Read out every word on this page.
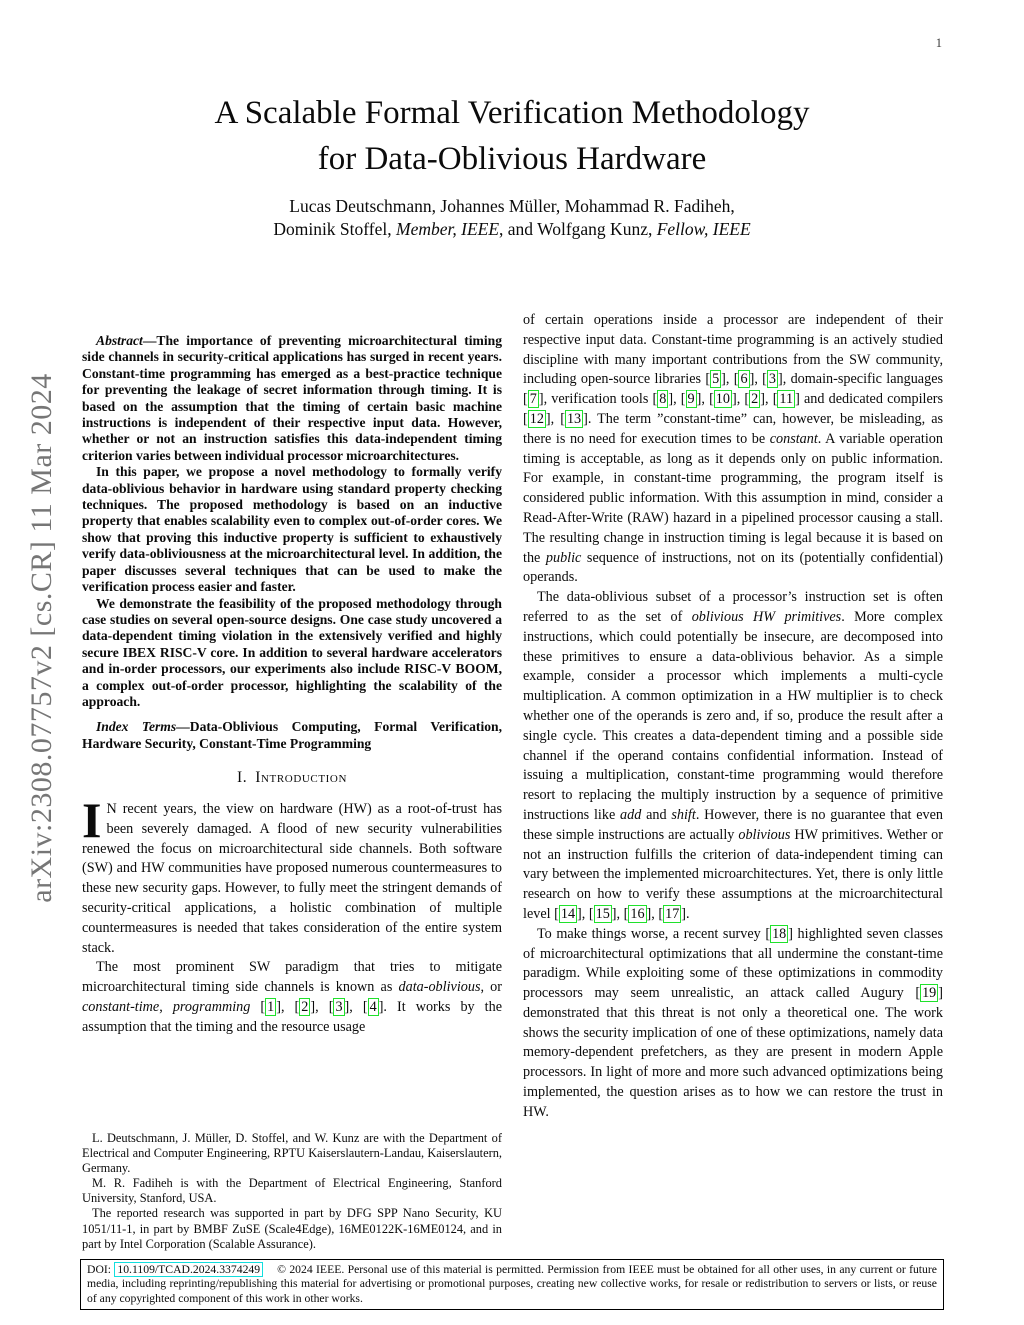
1
arXiv:2308.07757v2 [cs.CR] 11 Mar 2024
A Scalable Formal Verification Methodology
for Data-Oblivious Hardware
Lucas Deutschmann, Johannes Müller, Mohammad R. Fadiheh,
Dominik Stoffel, Member, IEEE, and Wolfgang Kunz, Fellow, IEEE

Abstract—The importance of preventing microarchitectural timing side channels in security-critical applications has surged in recent years. Constant-time programming has emerged as a best-practice technique for preventing the leakage of secret information through timing. It is based on the assumption that the timing of certain basic machine instructions is independent of their respective input data. However, whether or not an instruction satisfies this data-independent timing criterion varies between individual processor microarchitectures.

In this paper, we propose a novel methodology to formally verify data-oblivious behavior in hardware using standard property checking techniques. The proposed methodology is based on an inductive property that enables scalability even to complex out-of-order cores. We show that proving this inductive property is sufficient to exhaustively verify data-obliviousness at the microarchitectural level. In addition, the paper discusses several techniques that can be used to make the verification process easier and faster.

We demonstrate the feasibility of the proposed methodology through case studies on several open-source designs. One case study uncovered a data-dependent timing violation in the extensively verified and highly secure IBEX RISC-V core. In addition to several hardware accelerators and in-order processors, our experiments also include RISC-V BOOM, a complex out-of-order processor, highlighting the scalability of the approach.

Index Terms—Data-Oblivious Computing, Formal Verification, Hardware Security, Constant-Time Programming

I. Introduction

I N recent years, the view on hardware (HW) as a root-of-trust has been severely damaged. A flood of new security vulnerabilities renewed the focus on microarchitectural side channels. Both software (SW) and HW communities have proposed numerous countermeasures to these new security gaps. However, to fully meet the stringent demands of security-critical applications, a holistic combination of multiple countermeasures is needed that takes consideration of the entire system stack.

The most prominent SW paradigm that tries to mitigate microarchitectural timing side channels is known as data-oblivious, or constant-time, programming [ 1 ], [ 2 ], [ 3 ], [ 4 ]. It works by the assumption that the timing and the resource usage

of certain operations inside a processor are independent of their respective input data. Constant-time programming is an actively studied discipline with many important contributions from the SW community, including open-source libraries [ 5 ], [ 6 ], [ 3 ], domain-specific languages [ 7 ], verification tools [ 8 ], [ 9 ], [ 10 ], [ 2 ], [ 11 ] and dedicated compilers [ 12 ], [ 13 ]. The term ”constant-time” can, however, be misleading, as there is no need for execution times to be constant. A variable operation timing is acceptable, as long as it depends only on public information. For example, in constant-time programming, the program itself is considered public information. With this assumption in mind, consider a Read-After-Write (RAW) hazard in a pipelined processor causing a stall. The resulting change in instruction timing is legal because it is based on the public sequence of instructions, not on its (potentially confidential) operands.

The data-oblivious subset of a processor’s instruction set is often referred to as the set of oblivious HW primitives. More complex instructions, which could potentially be insecure, are decomposed into these primitives to ensure a data-oblivious behavior. As a simple example, consider a processor which implements a multi-cycle multiplication. A common optimization in a HW multiplier is to check whether one of the operands is zero and, if so, produce the result after a single cycle. This creates a data-dependent timing and a possible side channel if the operand contains confidential information. Instead of issuing a multiplication, constant-time programming would therefore resort to replacing the multiply instruction by a sequence of primitive instructions like add and shift. However, there is no guarantee that even these simple instructions are actually oblivious HW primitives. Wether or not an instruction fulfills the criterion of data-independent timing can vary between the implemented microarchitectures. Yet, there is only little research on how to verify these assumptions at the microarchitectural level [ 14 ], [ 15 ], [ 16 ], [ 17 ].

To make things worse, a recent survey [ 18 ] highlighted seven classes of microarchitectural optimizations that all undermine the constant-time paradigm. While exploiting some of these optimizations in commodity processors may seem unrealistic, an attack called Augury [ 19 ] demonstrated that this threat is not only a theoretical one. The work shows the security implication of one of these optimizations, namely data memory-dependent prefetchers, as they are present in modern Apple processors. In light of more and more such advanced optimizations being implemented, the question arises as to how we can restore the trust in HW.

L. Deutschmann, J. Müller, D. Stoffel, and W. Kunz are with the Department of Electrical and Computer Engineering, RPTU Kaiserslautern-Landau, Kaiserslautern, Germany.

M. R. Fadiheh is with the Department of Electrical Engineering, Stanford University, Stanford, USA.

The reported research was supported in part by DFG SPP Nano Security, KU 1051/11-1, in part by BMBF ZuSE (Scale4Edge), 16ME0122K-16ME0124, and in part by Intel Corporation (Scalable Assurance).

DOI: 10.1109/TCAD.2024.3374249 © 2024 IEEE. Personal use of this material is permitted. Permission from IEEE must be obtained for all other uses, in any current or future media, including reprinting/republishing this material for advertising or promotional purposes, creating new collective works, for resale or redistribution to servers or lists, or reuse of any copyrighted component of this work in other works.
